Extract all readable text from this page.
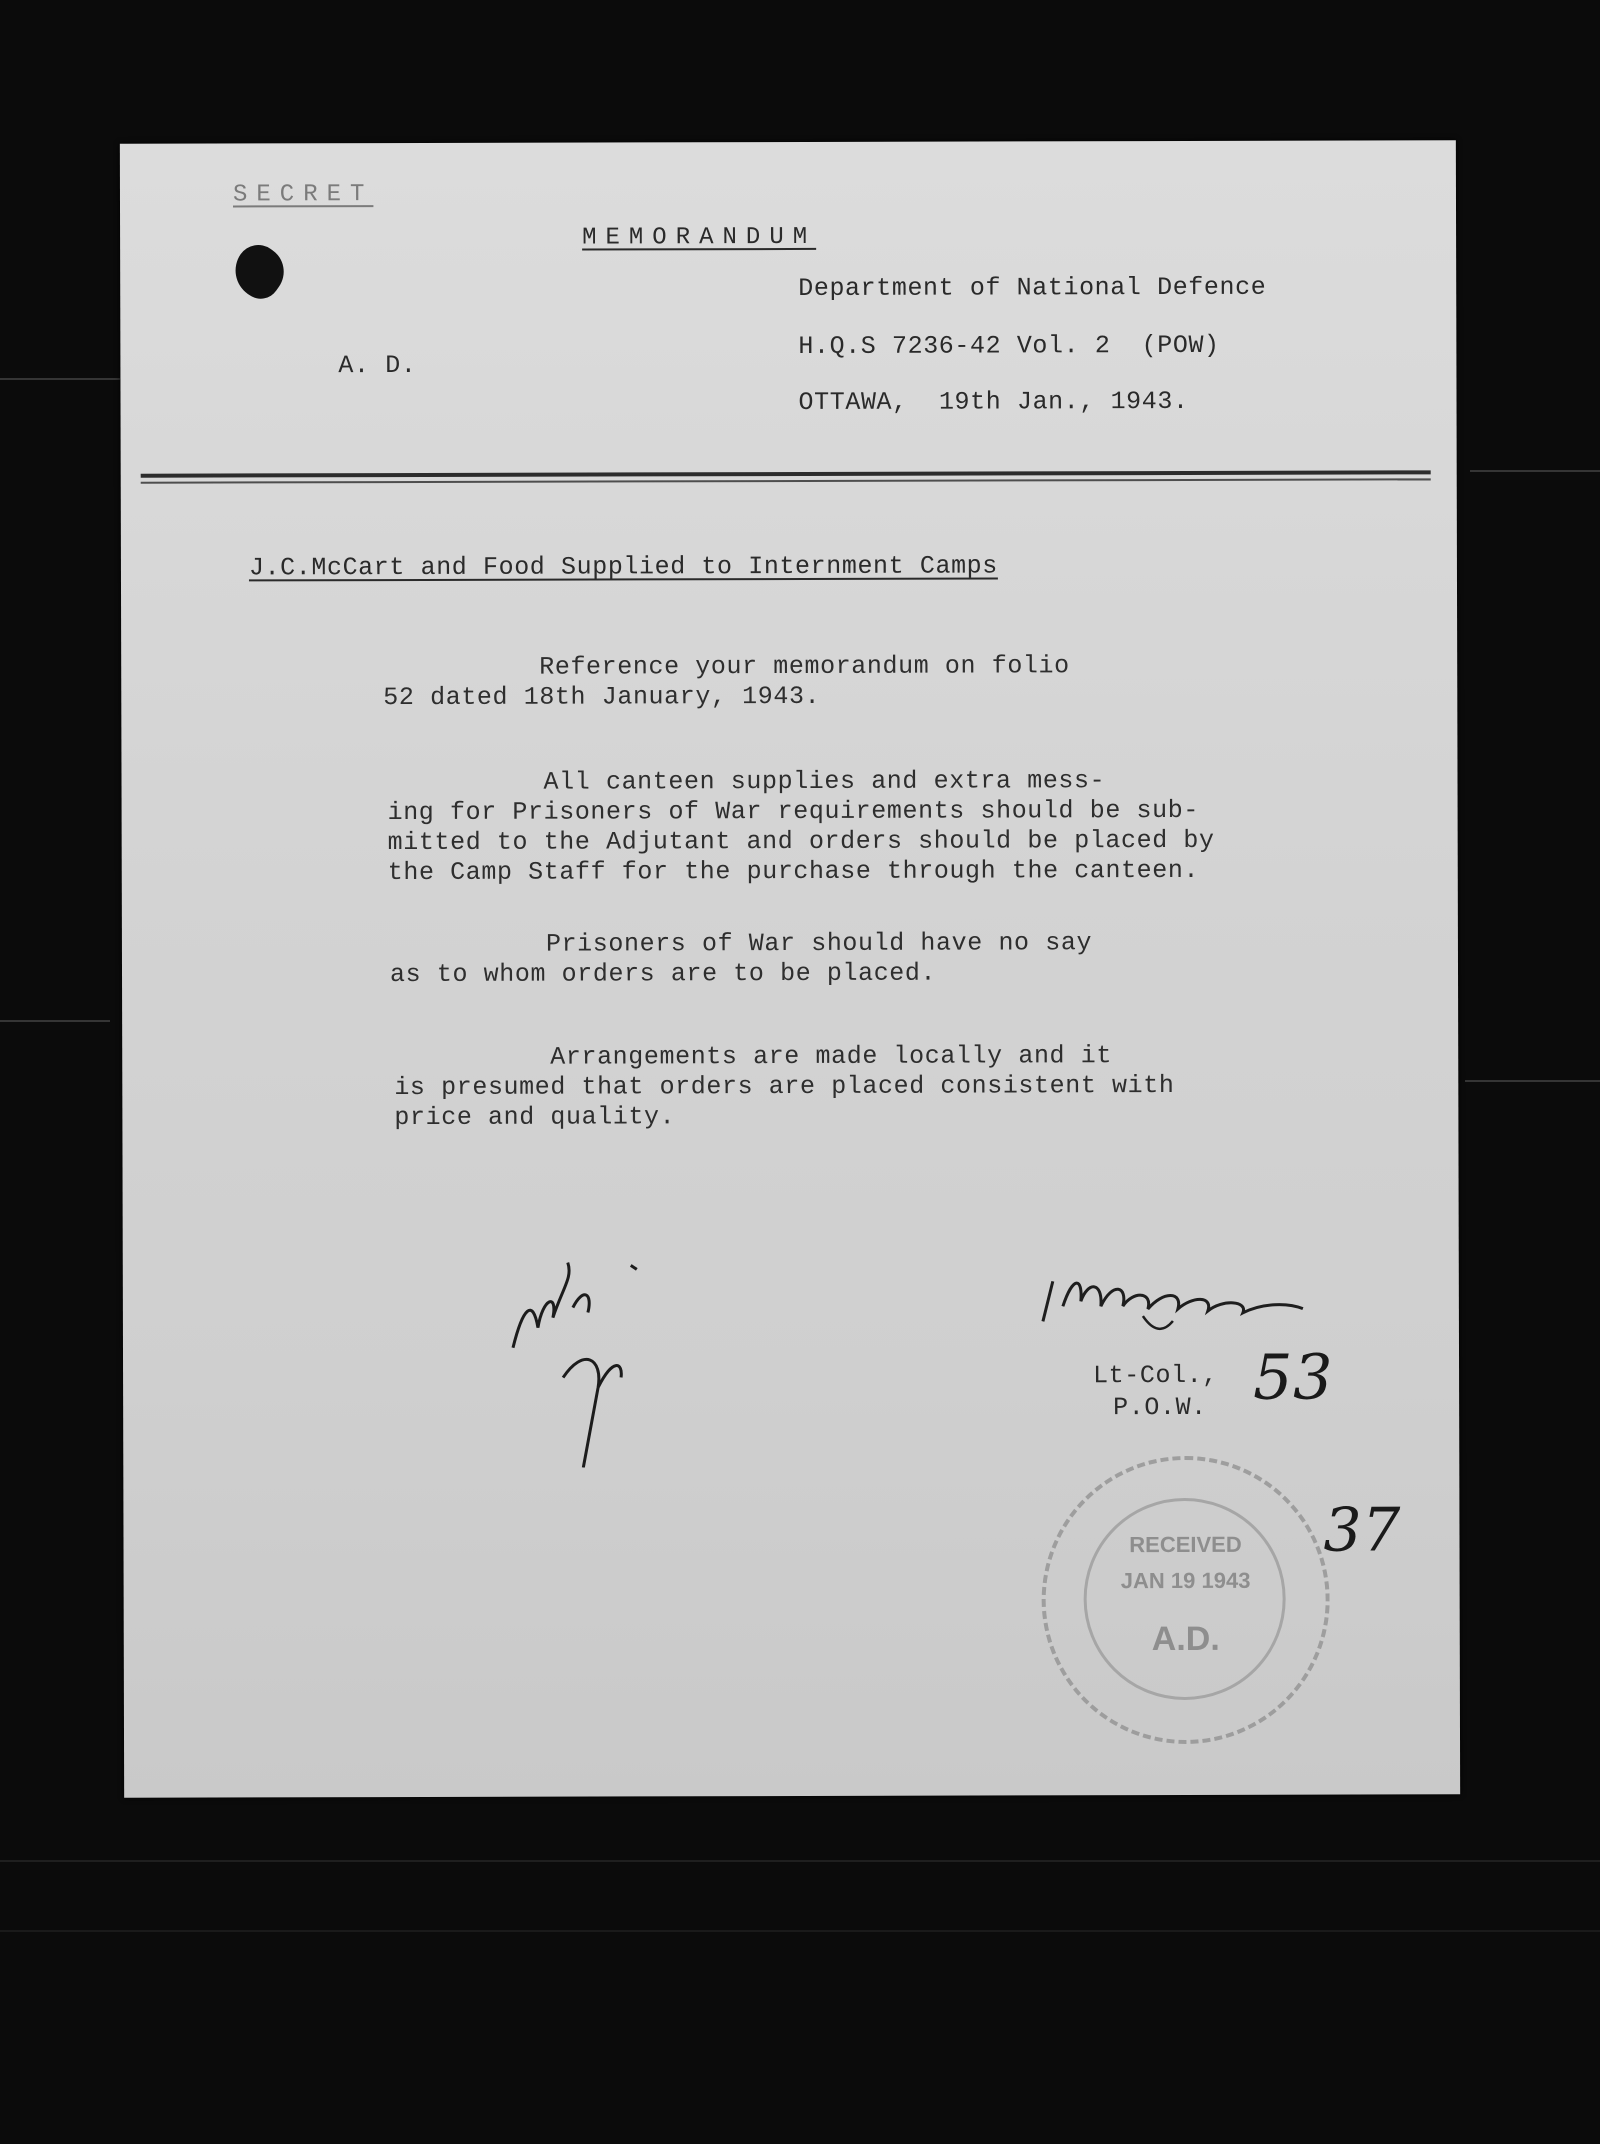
SECRET
MEMORANDUM
Department of National Defence
A. D.
H.Q.S 7236-42 Vol. 2  (POW)
OTTAWA,  19th Jan., 1943.
J.C.McCart and Food Supplied to Internment Camps
Reference your memorandum on folio
52 dated 18th January, 1943.
All canteen supplies and extra mess-
ing for Prisoners of War requirements should be sub-
mitted to the Adjutant and orders should be placed by
the Camp Staff for the purchase through the canteen.
Prisoners of War should have no say
as to whom orders are to be placed.
Arrangements are made locally and it
is presumed that orders are placed consistent with
price and quality.
Lt-Col.,
P.O.W. 53
37
RECEIVED
JAN 19 1943
A.D.
